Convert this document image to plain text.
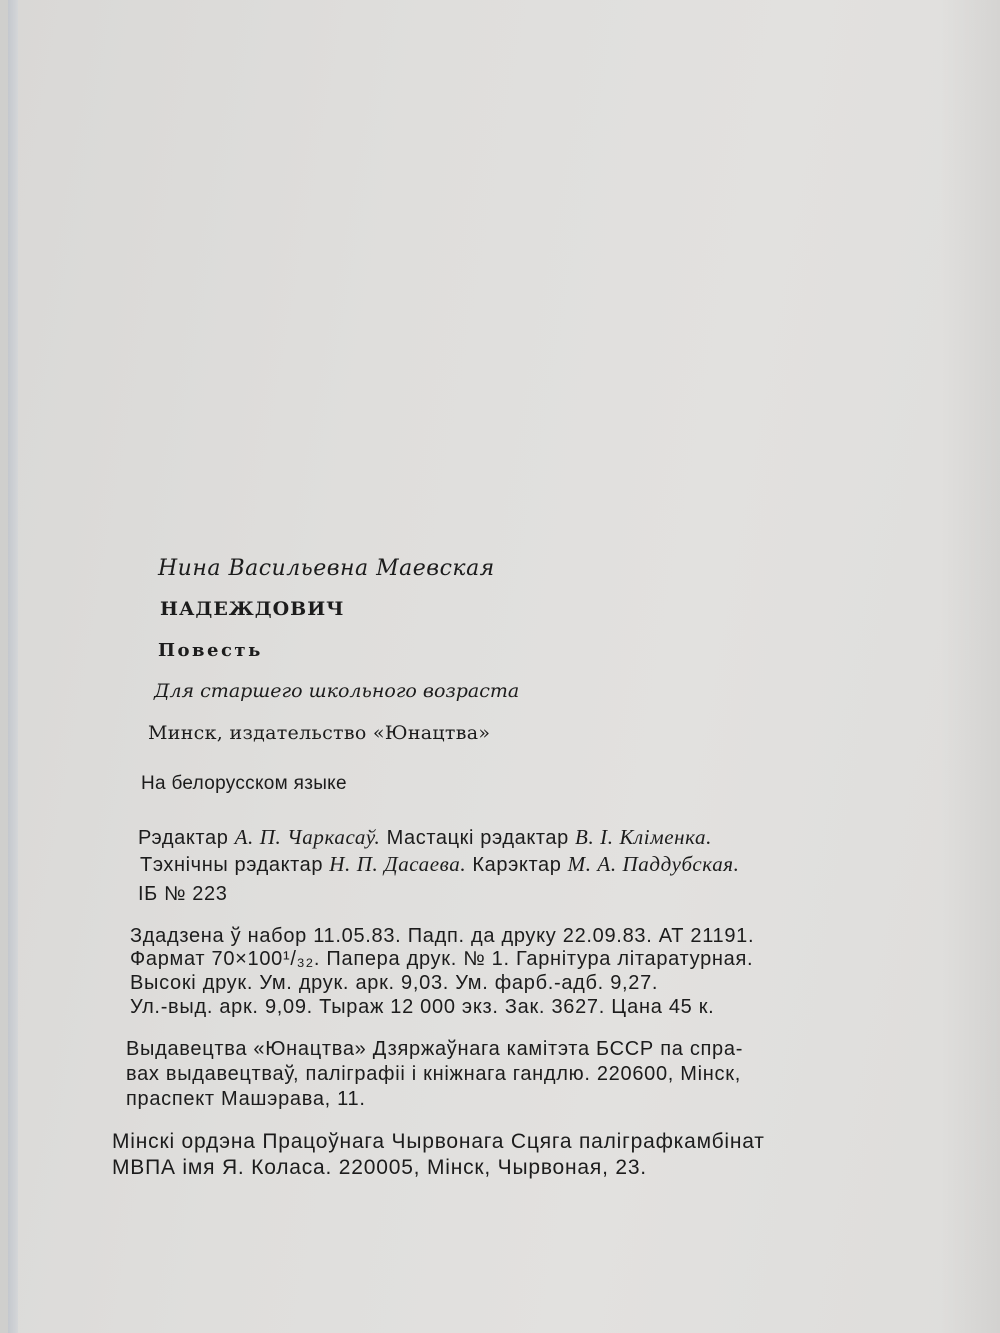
Нина Васильевна Маевская

НАДЕЖДОВИЧ

Повесть

Для старшего школьного возраста

Минск, издательство «Юнацтва»

На белорусском языке

Рэдактар А. П. Чаркасаў. Мастацкі рэдактар В. І. Кліменка.

Тэхнічны рэдактар Н. П. Дасаева. Карэктар М. А. Паддубская.

ІБ № 223

Здадзена ў набор 11.05.83. Падп. да друку 22.09.83. АТ 21191.

Фармат 70×100¹/₃₂. Папера друк. № 1. Гарнітура літаратурная.

Высокі друк. Ум. друк. арк. 9,03. Ум. фарб.-адб. 9,27.

Ул.-выд. арк. 9,09. Тыраж 12 000 экз. Зак. 3627. Цана 45 к.

Выдавецтва «Юнацтва» Дзяржаўнага камітэта БССР па спра-

вах выдавецтваў, паліграфіі і кніжнага гандлю. 220600, Мінск,

праспект Машэрава, 11.

Мінскі ордэна Працоўнага Чырвонага Сцяга паліграфкамбінат

МВПА імя Я. Коласа. 220005, Мінск, Чырвоная, 23.
